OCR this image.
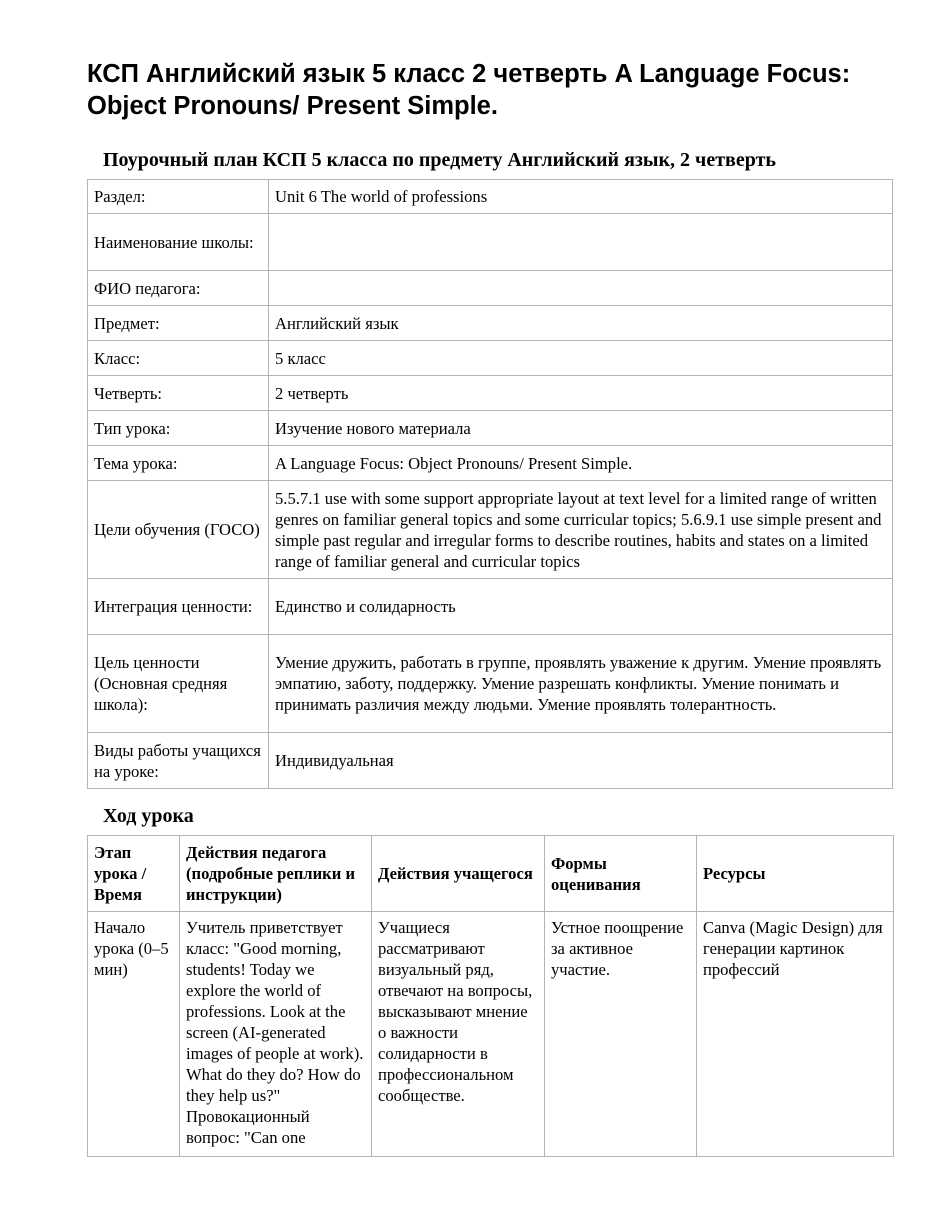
КСП Английский язык 5 класс 2 четверть A Language Focus: Object Pronouns/ Present Simple.
Поурочный план КСП 5 класса по предмету Английский язык, 2 четверть
Раздел:	Unit 6 The world of professions
Наименование школы:	
ФИО педагога:	
Предмет:	Английский язык
Класс:	5 класс
Четверть:	2 четверть
Тип урока:	Изучение нового материала
Тема урока:	A Language Focus: Object Pronouns/ Present Simple.
Цели обучения (ГОСО)	5.5.7.1 use with some support appropriate layout at text level for a limited range of written genres on familiar general topics and some curricular topics; 5.6.9.1 use simple present and simple past regular and irregular forms to describe routines, habits and states on a limited range of familiar general and curricular topics
Интеграция ценности:	Единство и солидарность
Цель ценности (Основная средняя школа):	Умение дружить, работать в группе, проявлять уважение к другим. Умение проявлять эмпатию, заботу, поддержку. Умение разрешать конфликты. Умение понимать и принимать различия между людьми. Умение проявлять толерантность.
Виды работы учащихся на уроке:	Индивидуальная
Ход урока
Этап урока / Время	Действия педагога (подробные реплики и инструкции)	Действия учащегося	Формы оценивания	Ресурсы
Начало урока (0–5 мин)	Учитель приветствует класс: "Good morning, students! Today we explore the world of professions. Look at the screen (AI-generated images of people at work). What do they do? How do they help us?" Провокационный вопрос: "Can one	Учащиеся рассматривают визуальный ряд, отвечают на вопросы, высказывают мнение о важности солидарности в профессиональном сообществе.	Устное поощрение за активное участие.	Canva (Magic Design) для генерации картинок профессий
